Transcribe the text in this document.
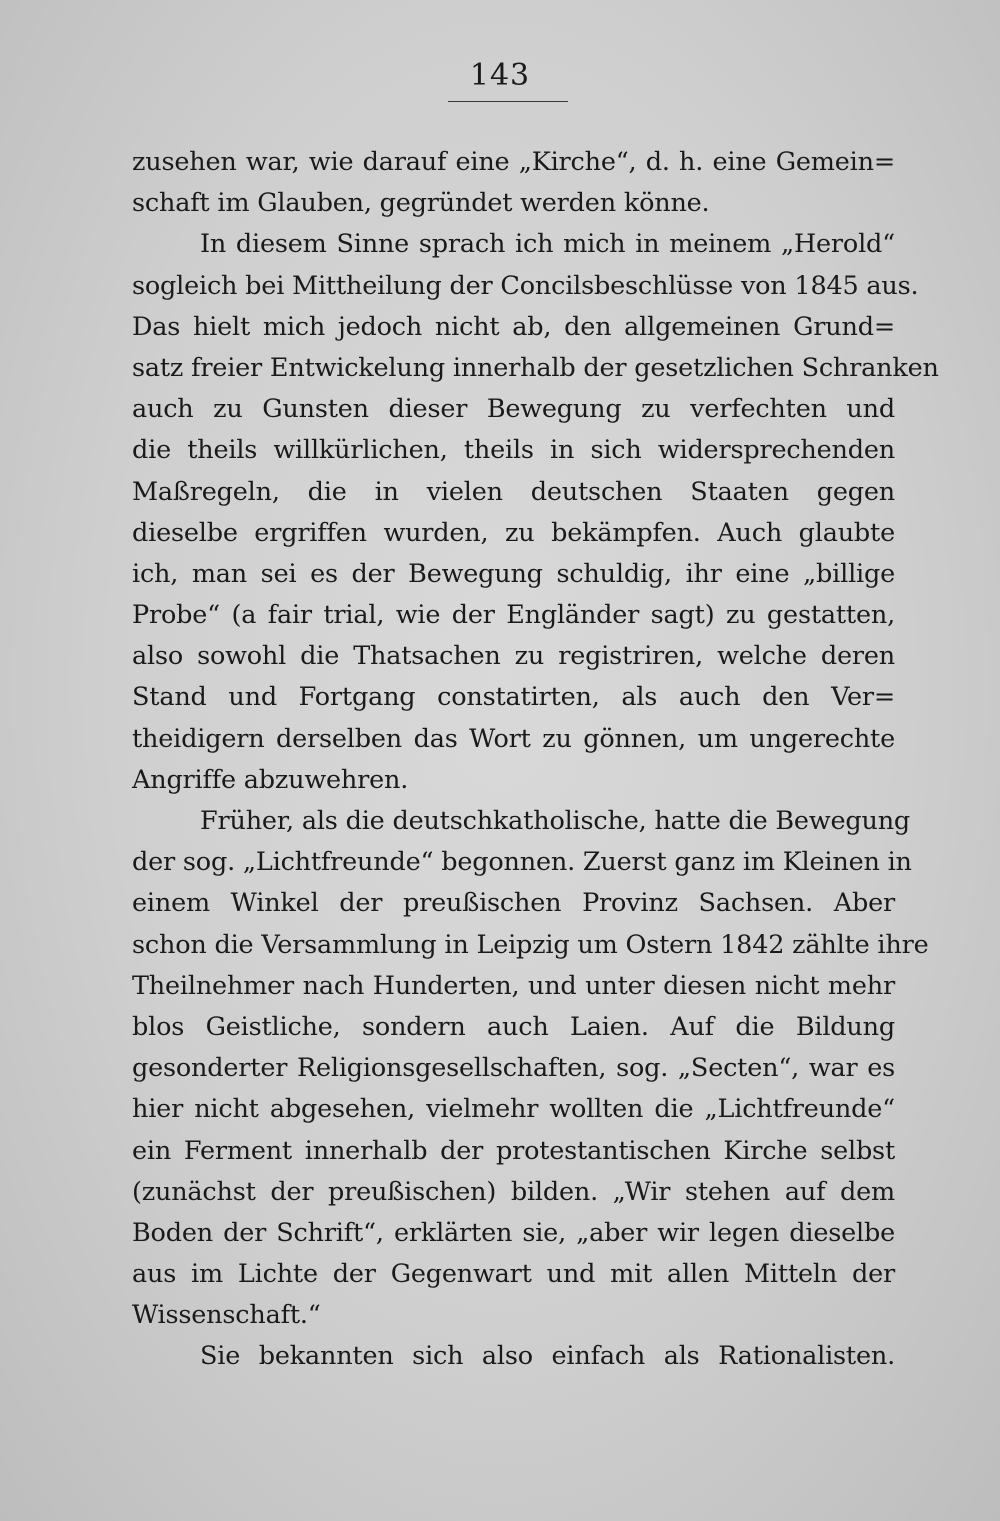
143
zusehen war, wie darauf eine „Kirche“, d. h. eine Gemein=
schaft im Glauben, gegründet werden könne.
In diesem Sinne sprach ich mich in meinem „Herold“
sogleich bei Mittheilung der Concilsbeschlüsse von 1845 aus.
Das hielt mich jedoch nicht ab, den allgemeinen Grund=
satz freier Entwickelung innerhalb der gesetzlichen Schranken
auch zu Gunsten dieser Bewegung zu verfechten und
die theils willkürlichen, theils in sich widersprechenden
Maßregeln, die in vielen deutschen Staaten gegen
dieselbe ergriffen wurden, zu bekämpfen. Auch glaubte
ich, man sei es der Bewegung schuldig, ihr eine „billige
Probe“ (a fair trial, wie der Engländer sagt) zu gestatten,
also sowohl die Thatsachen zu registriren, welche deren
Stand und Fortgang constatirten, als auch den Ver=
theidigern derselben das Wort zu gönnen, um ungerechte
Angriffe abzuwehren.
Früher, als die deutschkatholische, hatte die Bewegung
der sog. „Lichtfreunde“ begonnen. Zuerst ganz im Kleinen in
einem Winkel der preußischen Provinz Sachsen. Aber
schon die Versammlung in Leipzig um Ostern 1842 zählte ihre
Theilnehmer nach Hunderten, und unter diesen nicht mehr
blos Geistliche, sondern auch Laien. Auf die Bildung
gesonderter Religionsgesellschaften, sog. „Secten“, war es
hier nicht abgesehen, vielmehr wollten die „Lichtfreunde“
ein Ferment innerhalb der protestantischen Kirche selbst
(zunächst der preußischen) bilden. „Wir stehen auf dem
Boden der Schrift“, erklärten sie, „aber wir legen dieselbe
aus im Lichte der Gegenwart und mit allen Mitteln der
Wissenschaft.“
Sie bekannten sich also einfach als Rationalisten.
